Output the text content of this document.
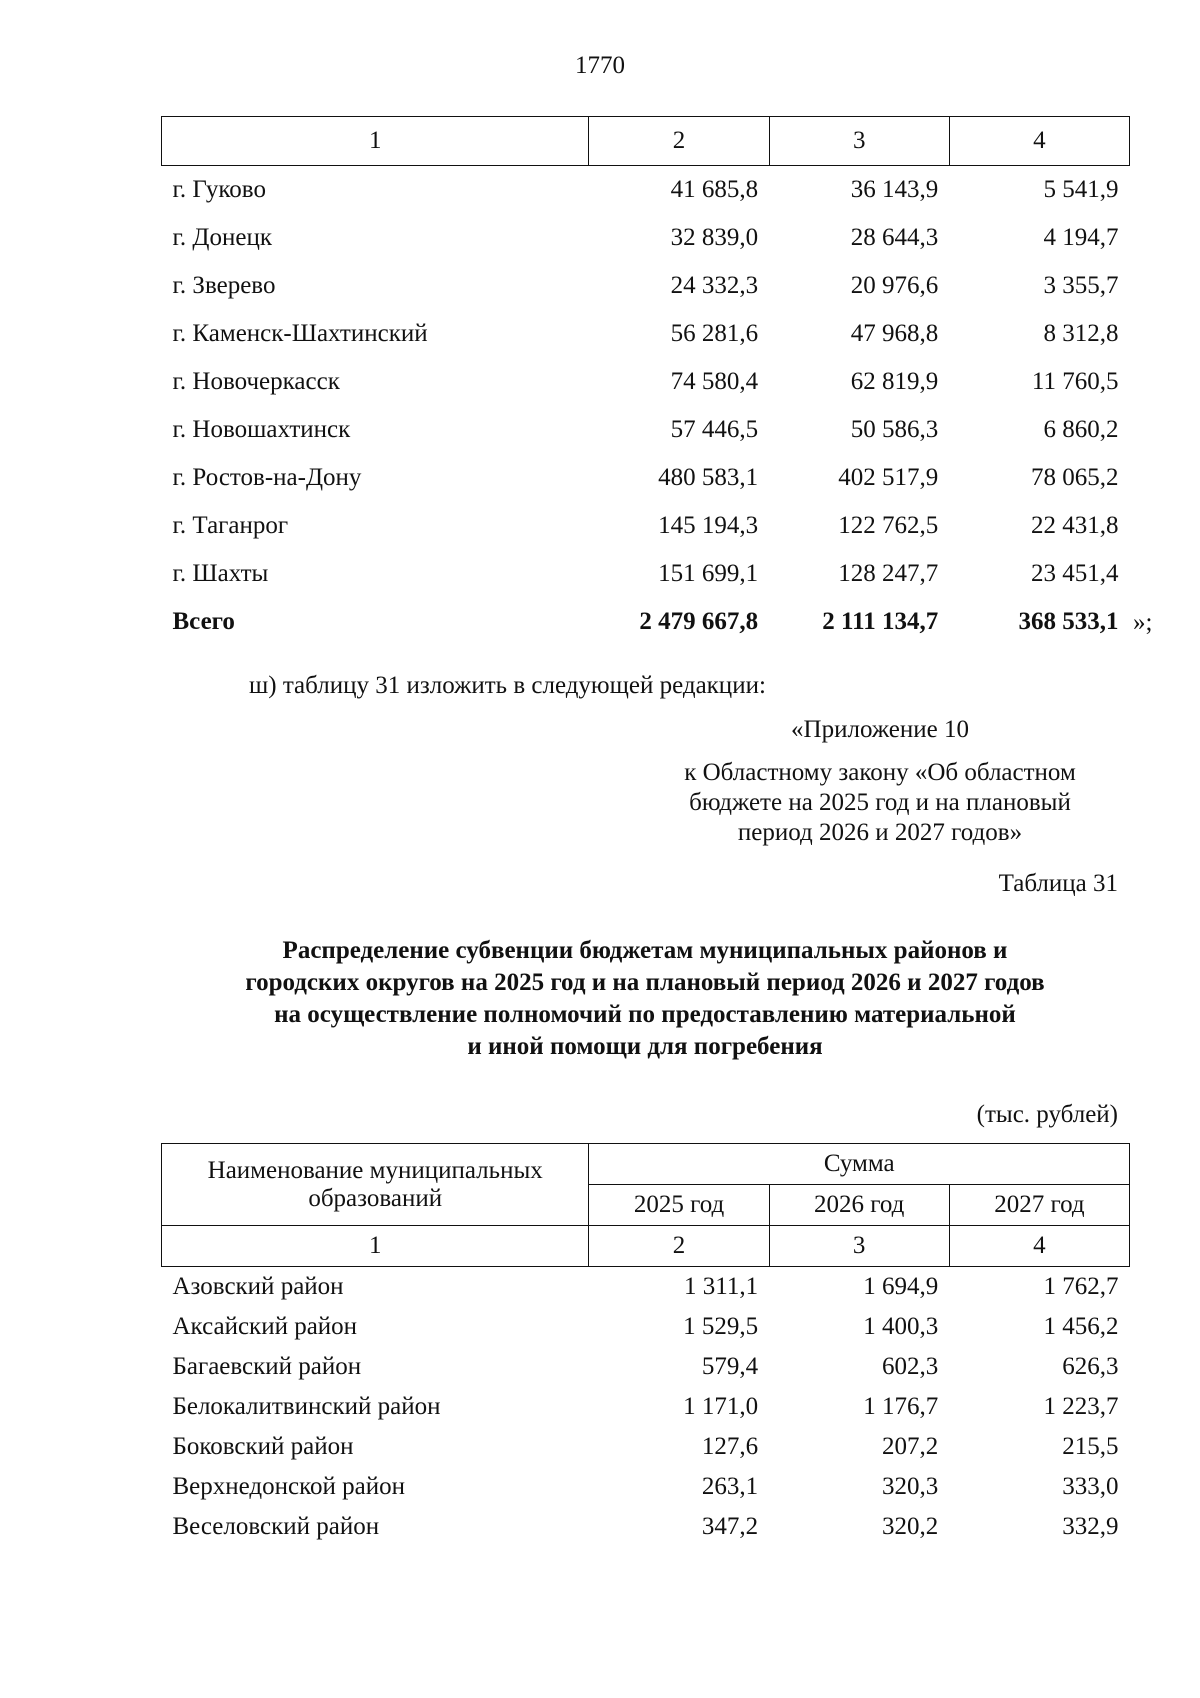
1770
1	2	3	4
г. Гуково	41 685,8	36 143,9	5 541,9
г. Донецк	32 839,0	28 644,3	4 194,7
г. Зверево	24 332,3	20 976,6	3 355,7
г. Каменск-Шахтинский	56 281,6	47 968,8	8 312,8
г. Новочеркасск	74 580,4	62 819,9	11 760,5
г. Новошахтинск	57 446,5	50 586,3	6 860,2
г. Ростов-на-Дону	480 583,1	402 517,9	78 065,2
г. Таганрог	145 194,3	122 762,5	22 431,8
г. Шахты	151 699,1	128 247,7	23 451,4
Всего	2 479 667,8	2 111 134,7	368 533,1 »;
ш) таблицу 31 изложить в следующей редакции:
«Приложение 10
к Областному закону «Об областном
бюджете на 2025 год и на плановый
период 2026 и 2027 годов»
Таблица 31
Распределение субвенции бюджетам муниципальных районов и
городских округов на 2025 год и на плановый период 2026 и 2027 годов
на осуществление полномочий по предоставлению материальной
и иной помощи для погребения
(тыс. рублей)
Наименование муниципальных
образований	Сумма		
	2025 год	2026 год	2027 год
1	2	3	4
Азовский район	1 311,1	1 694,9	1 762,7
Аксайский район	1 529,5	1 400,3	1 456,2
Багаевский район	579,4	602,3	626,3
Белокалитвинский район	1 171,0	1 176,7	1 223,7
Боковский район	127,6	207,2	215,5
Верхнедонской район	263,1	320,3	333,0
Веселовский район	347,2	320,2	332,9
